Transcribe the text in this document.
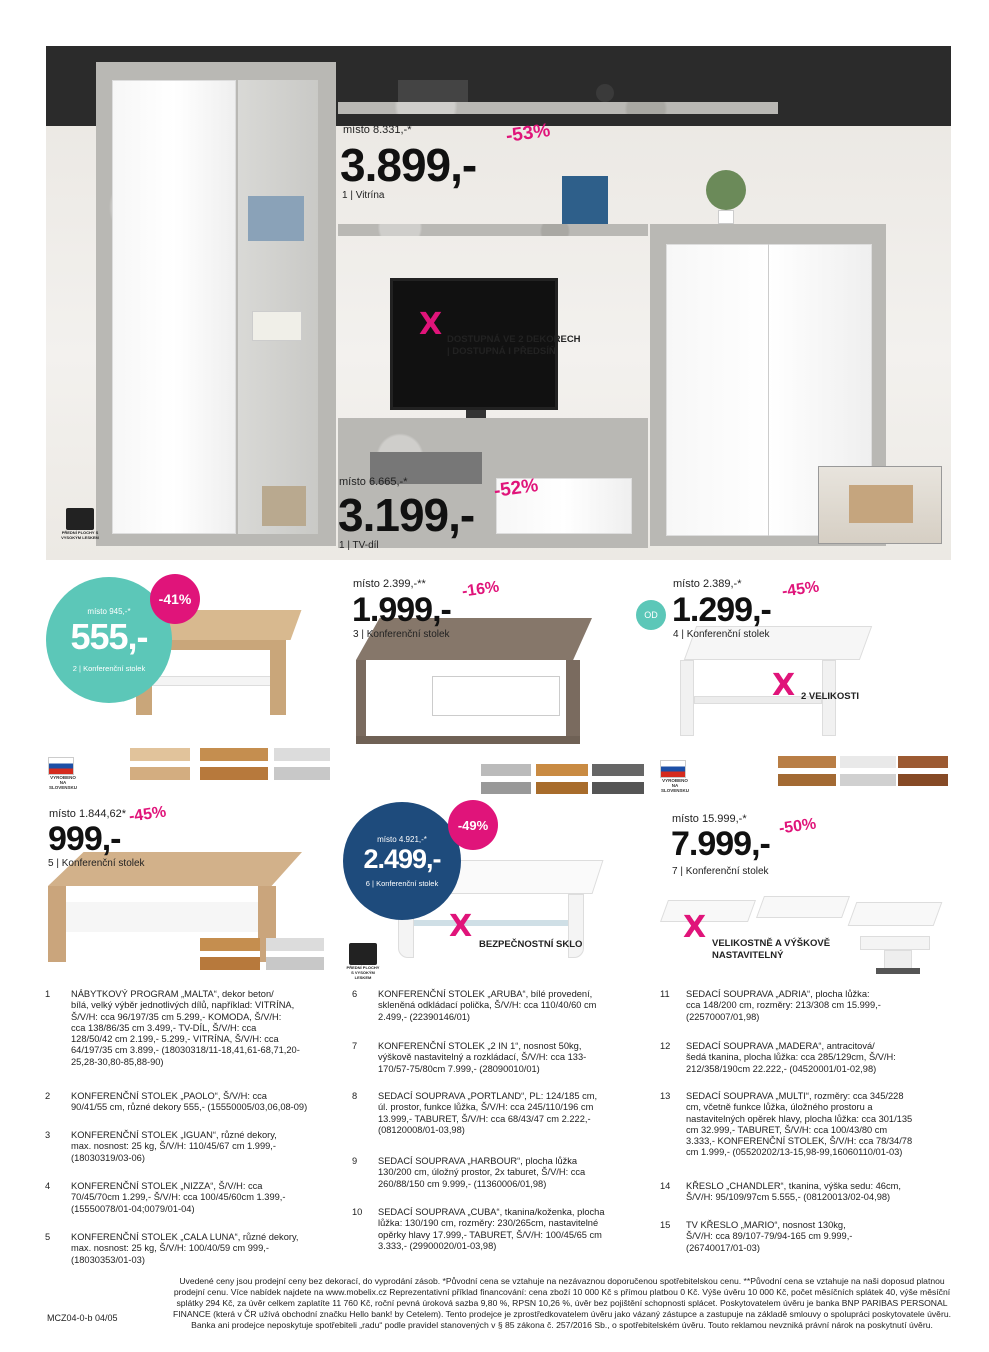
PŘEDNÍ PLOCHY S VYSOKÝM LESKEM
místo 8.331,-*
3.899,-
-53%
1 | Vitrína
X DOSTUPNÁ VE 2 DEKORECH
| DOSTUPNÁ I PŘEDSÍŇ
místo 6.665,-*
3.199,-
-52%
1 | TV-díl
místo 945,-*
555,-
2 | Konferenční stolek
-41%
VYROBENO NA SLOVENSKU
místo 2.399,-**
1.999,-
-16%
3 | Konferenční stolek
OD
místo 2.389,-*
1.299,-
-45%
4 | Konferenční stolek
X 2 VELIKOSTI
VYROBENO NA SLOVENSKU
místo 1.844,62*
999,-
-45%
5 | Konferenční stolek
místo 4.921,-*
2.499,-
6 | Konferenční stolek
-49%
X
BEZPEČNOSTNÍ SKLO
PŘEDNÍ PLOCHY S VYSOKÝM LESKEM
místo 15.999,-*
7.999,- -50%
7 | Konferenční stolek
X VELIKOSTNĚ A VÝŠKOVĚ
NASTAVITELNÝ
1	NÁBYTKOVÝ PROGRAM „MALTA“, dekor beton/
bílá, velký výběr jednotlivých dílů, například: VITRÍNA,
Š/V/H: cca 96/197/35 cm 5.299,- KOMODA, Š/V/H:
cca 138/86/35 cm 3.499,- TV-DÍL, Š/V/H: cca
128/50/42 cm 2.199,- 5.299,- VITRÍNA, Š/V/H: cca
64/197/35 cm 3.899,- (18030318/11-18,41,61-68,71,20-
25,28-30,80-85,88-90)
2	KONFERENČNÍ STOLEK „PAOLO“, Š/V/H: cca
90/41/55 cm, různé dekory 555,- (15550005/03,06,08-09)
3	KONFERENČNÍ STOLEK „IGUAN“, různé dekory,
max. nosnost: 25 kg, Š/V/H: 110/45/67 cm 1.999,-
(18030319/03-06)
4	KONFERENČNÍ STOLEK „NIZZA“, Š/V/H: cca
70/45/70cm 1.299,- Š/V/H: cca 100/45/60cm 1.399,-
(15550078/01-04;0079/01-04)
5	KONFERENČNÍ STOLEK „CALA LUNA“, různé dekory,
max. nosnost: 25 kg, Š/V/H: 100/40/59 cm 999,-
(18030353/01-03)
6	KONFERENČNÍ STOLEK „ARUBA“, bílé provedení,
skleněná odkládací polička, Š/V/H: cca 110/40/60 cm
2.499,- (22390146/01)
7	KONFERENČNÍ STOLEK „2 IN 1“, nosnost 50kg,
výškově nastavitelný a rozkládací, Š/V/H: cca 133-
170/57-75/80cm 7.999,- (28090010/01)
8	SEDACÍ SOUPRAVA „PORTLAND“, PL: 124/185 cm,
úl. prostor, funkce lůžka, Š/V/H: cca 245/110/196 cm
13.999,- TABURET, Š/V/H: cca 68/43/47 cm 2.222,-
(08120008/01-03,98)
9	SEDACÍ SOUPRAVA „HARBOUR“, plocha lůžka
130/200 cm, úložný prostor, 2x taburet, Š/V/H: cca
260/88/150 cm 9.999,- (11360006/01,98)
10	SEDACÍ SOUPRAVA „CUBA“, tkanina/koženka, plocha
lůžka: 130/190 cm, rozměry: 230/265cm, nastavitelné
opěrky hlavy 17.999,- TABURET, Š/V/H: 100/45/65 cm
3.333,- (29900020/01-03,98)
11	SEDACÍ SOUPRAVA „ADRIA“, plocha lůžka:
cca 148/200 cm, rozměry: 213/308 cm 15.999,-
(22570007/01,98)
12	SEDACÍ SOUPRAVA „MADERA“, antracitová/
šedá tkanina, plocha lůžka: cca 285/129cm, Š/V/H:
212/358/190cm 22.222,- (04520001/01-02,98)
13	SEDACÍ SOUPRAVA „MULTI“, rozměry: cca 345/228
cm, včetně funkce lůžka, úložného prostoru a
nastavitelných opěrek hlavy, plocha lůžka: cca 301/135
cm 32.999,- TABURET, Š/V/H: cca 100/43/80 cm
3.333,- KONFERENČNÍ STOLEK, Š/V/H: cca 78/34/78
cm 1.999,- (05520202/13-15,98-99,16060110/01-03)
14	KŘESLO „CHANDLER“, tkanina, výška sedu: 46cm,
Š/V/H: 95/109/97cm 5.555,- (08120013/02-04,98)
15	TV KŘESLO „MARIO“, nosnost 130kg,
Š/V/H: cca 89/107-79/94-165 cm 9.999,-
(26740017/01-03)
Uvedené ceny jsou prodejní ceny bez dekorací, do vyprodání zásob. *Původní cena se vztahuje na nezávaznou doporučenou spotřebitelskou cenu. **Původní cena se vztahuje na naši doposud platnou prodejní cenu. Více nabídek najdete na www.mobelix.cz Reprezentativní příklad financování: cena zboží 10 000 Kč s přímou platbou 0 Kč. Výše úvěru 10 000 Kč, počet měsíčních splátek 40, výše měsíční splátky 294 Kč, za úvěr celkem zaplatíte 11 760 Kč, roční pevná úroková sazba 9,80 %, RPSN 10,26 %, úvěr bez pojištění schopnosti splácet. Poskytovatelem úvěru je banka BNP PARIBAS PERSONAL FINANCE (která v ČR užívá obchodní značku Hello bank! by Cetelem). Tento prodejce je zprostředkovatelem úvěru jako vázaný zástupce a zastupuje na základě smlouvy o spolupráci poskytovatele úvěru. Banka ani prodejce neposkytuje spotřebiteli „radu“ podle pravidel stanovených v § 85 zákona č. 257/2016 Sb., o spotřebitelském úvěru. Touto reklamou nevzniká právní nárok na poskytnutí úvěru.
MCZ04-0-b 04/05
